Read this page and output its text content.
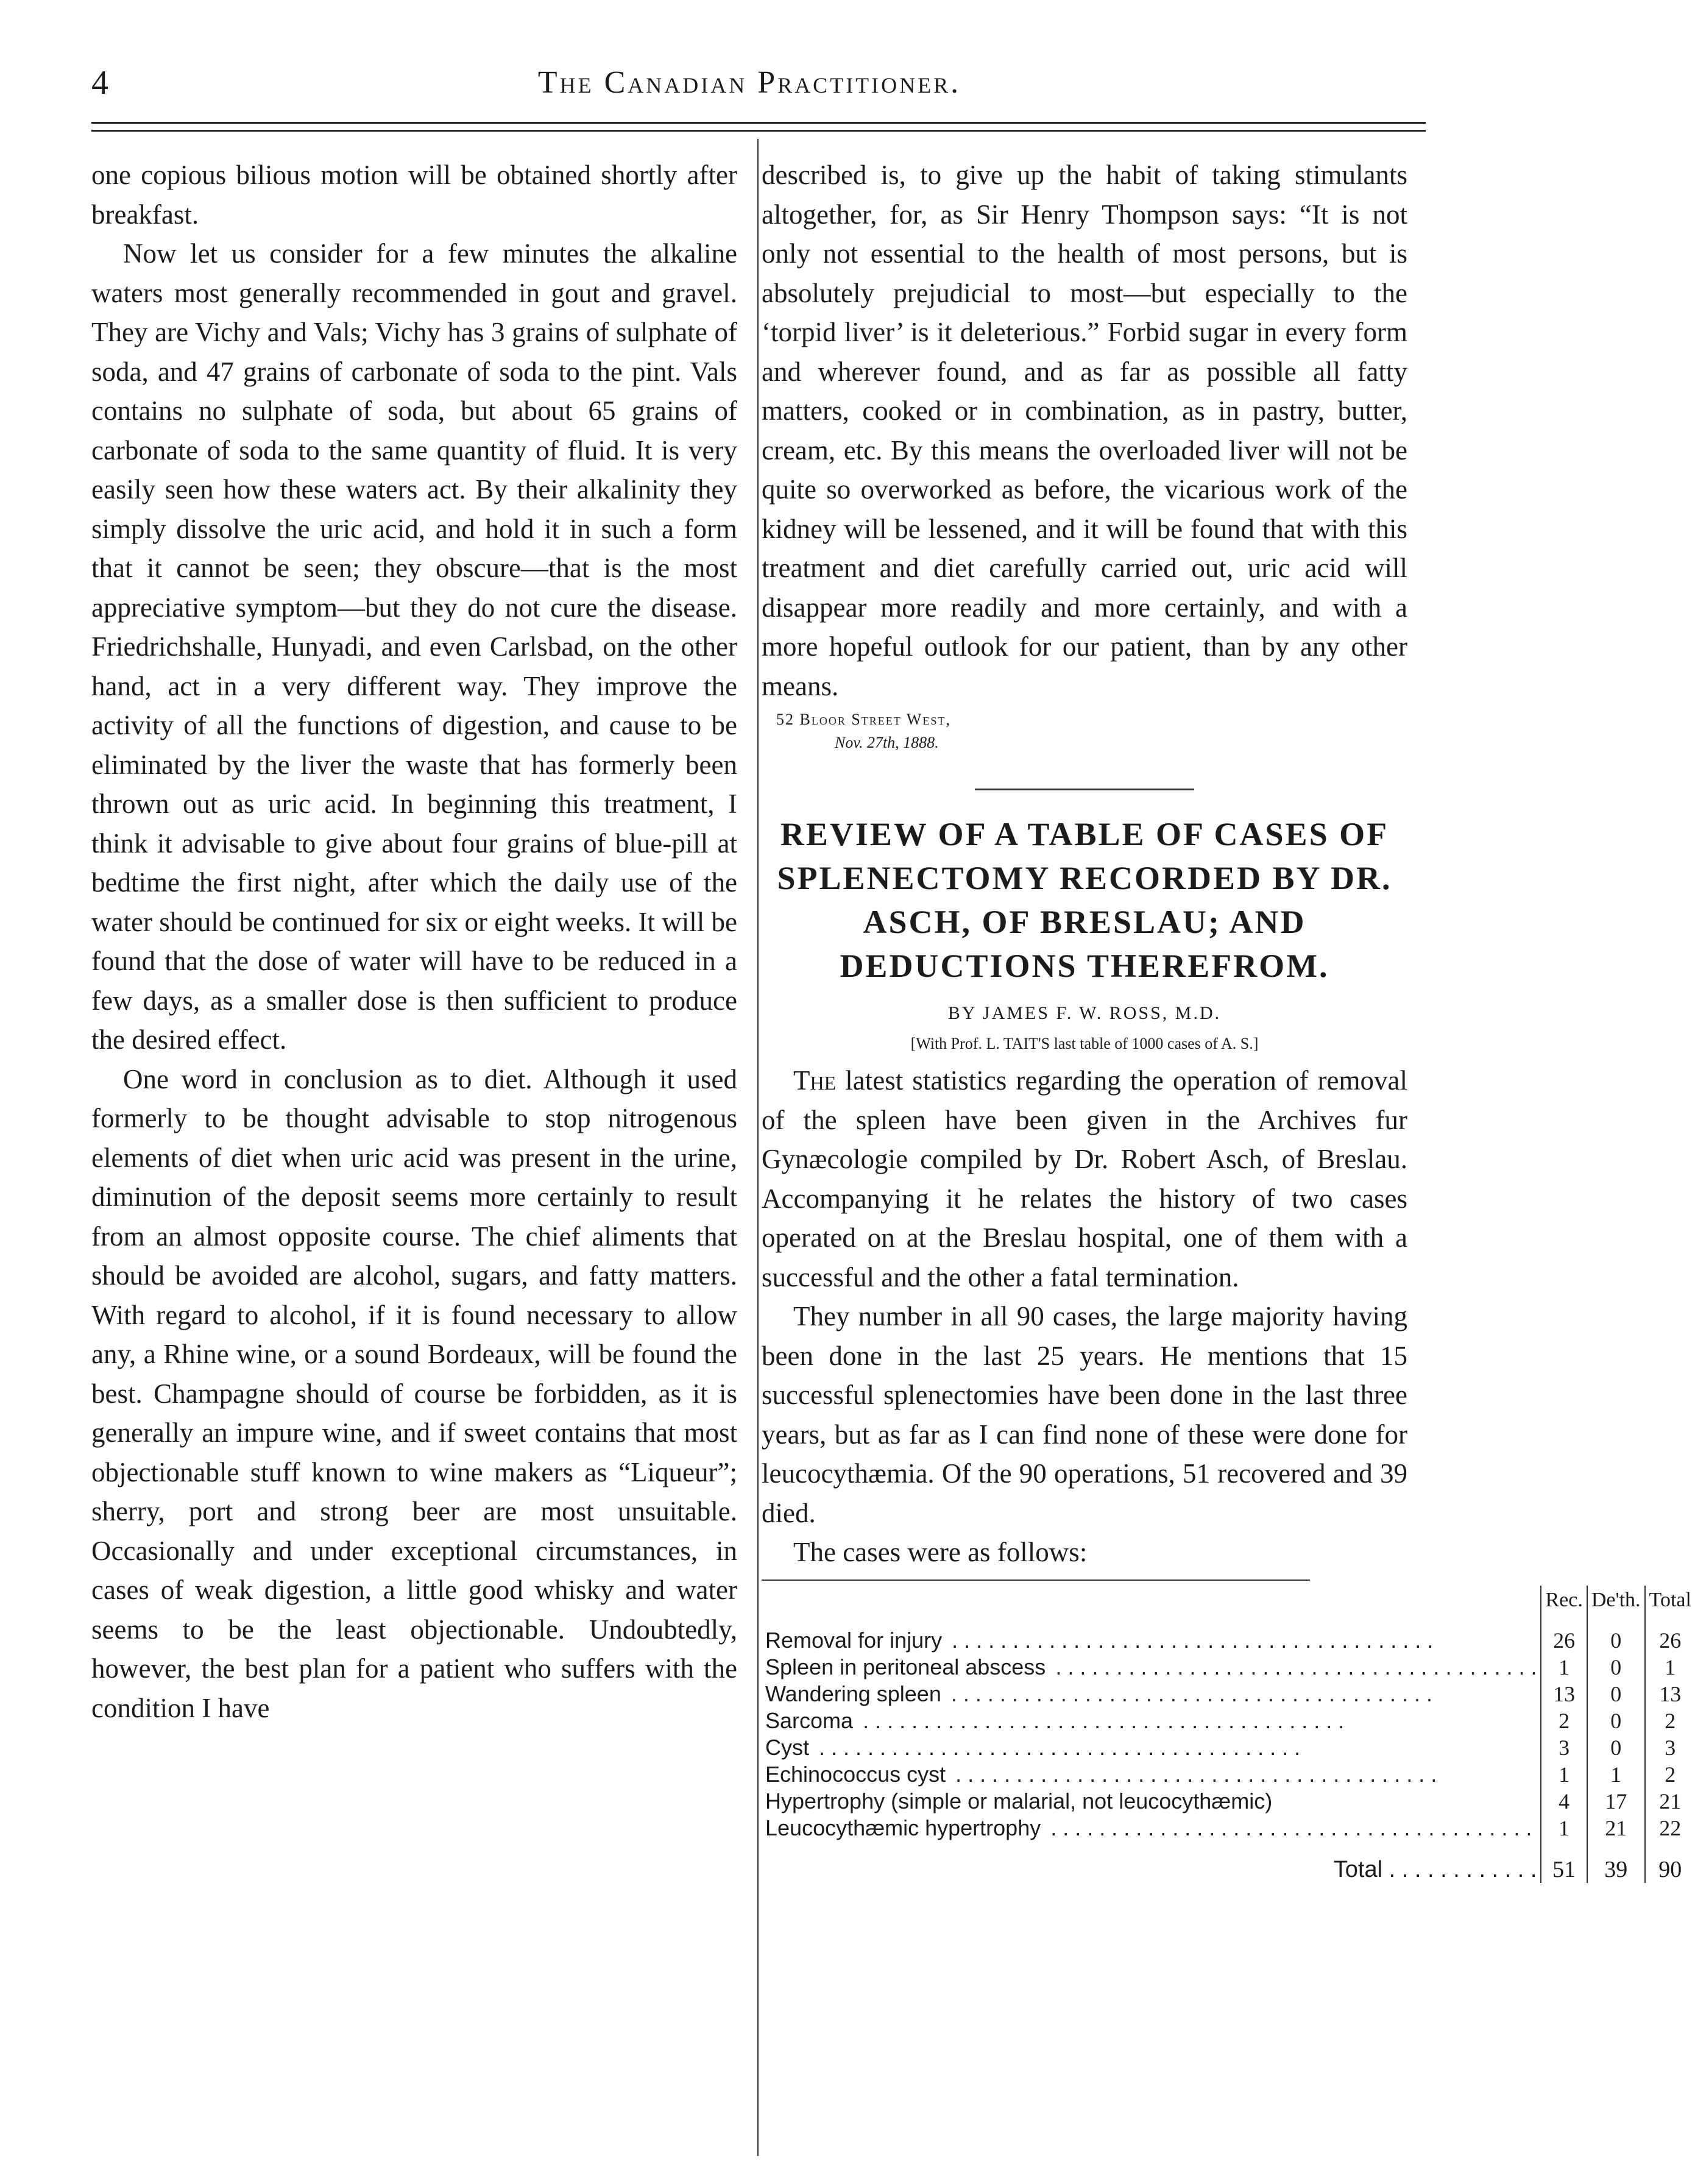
4	The Canadian Practitioner.

one copious bilious motion will be obtained shortly after breakfast.

Now let us consider for a few minutes the alkaline waters most generally recommended in gout and gravel. They are Vichy and Vals; Vichy has 3 grains of sulphate of soda, and 47 grains of carbonate of soda to the pint. Vals contains no sulphate of soda, but about 65 grains of carbonate of soda to the same quantity of fluid. It is very easily seen how these waters act. By their alkalinity they simply dissolve the uric acid, and hold it in such a form that it cannot be seen; they obscure—that is the most appreciative symptom—but they do not cure the disease. Friedrichshalle, Hunyadi, and even Carlsbad, on the other hand, act in a very different way. They improve the activity of all the functions of digestion, and cause to be eliminated by the liver the waste that has formerly been thrown out as uric acid. In beginning this treatment, I think it advisable to give about four grains of blue-pill at bedtime the first night, after which the daily use of the water should be continued for six or eight weeks. It will be found that the dose of water will have to be reduced in a few days, as a smaller dose is then sufficient to produce the desired effect.

One word in conclusion as to diet. Although it used formerly to be thought advisable to stop nitrogenous elements of diet when uric acid was present in the urine, diminution of the deposit seems more certainly to result from an almost opposite course. The chief aliments that should be avoided are alcohol, sugars, and fatty matters. With regard to alcohol, if it is found necessary to allow any, a Rhine wine, or a sound Bordeaux, will be found the best. Champagne should of course be forbidden, as it is generally an impure wine, and if sweet contains that most objectionable stuff known to wine makers as “Liqueur”; sherry, port and strong beer are most unsuitable. Occasionally and under exceptional circumstances, in cases of weak digestion, a little good whisky and water seems to be the least objectionable. Undoubtedly, however, the best plan for a patient who suffers with the condition I have

described is, to give up the habit of taking stimulants altogether, for, as Sir Henry Thompson says: “It is not only not essential to the health of most persons, but is absolutely prejudicial to most—but especially to the ‘torpid liver’ is it deleterious.” Forbid sugar in every form and wherever found, and as far as possible all fatty matters, cooked or in combination, as in pastry, butter, cream, etc. By this means the overloaded liver will not be quite so overworked as before, the vicarious work of the kidney will be lessened, and it will be found that with this treatment and diet carefully carried out, uric acid will disappear more readily and more certainly, and with a more hopeful outlook for our patient, than by any other means.

52 Bloor Street West,
Nov. 27th, 1888.
REVIEW OF A TABLE OF CASES OF SPLENECTOMY RECORDED BY DR. ASCH, OF BRESLAU; AND DEDUCTIONS THEREFROM.
BY JAMES F. W. ROSS, M.D.
[With Prof. L. TAIT'S last table of 1000 cases of A. S.]

The latest statistics regarding the operation of removal of the spleen have been given in the Archives fur Gynæcologie compiled by Dr. Robert Asch, of Breslau. Accompanying it he relates the history of two cases operated on at the Breslau hospital, one of them with a successful and the other a fatal termination.

They number in all 90 cases, the large majority having been done in the last 25 years. He mentions that 15 successful splenectomies have been done in the last three years, but as far as I can find none of these were done for leucocythæmia. Of the 90 operations, 51 recovered and 39 died.

The cases were as follows:

	Rec.	De'th.	Total

Removal for injury . . .	26	0	26

Spleen in peritoneal abscess . . .	1	0	1

Wandering spleen . . .	13	0	13

Sarcoma . . .	2	0	2

Cyst . . .	3	0	3

Echinococcus cyst . . .	1	1	2
Hypertrophy (simple or malarial, not leucocythæmic)	4	17	21

Leucocythæmic hypertrophy . . .	1	21	22
Total . . . . . . . . . . . .	51	39	90
